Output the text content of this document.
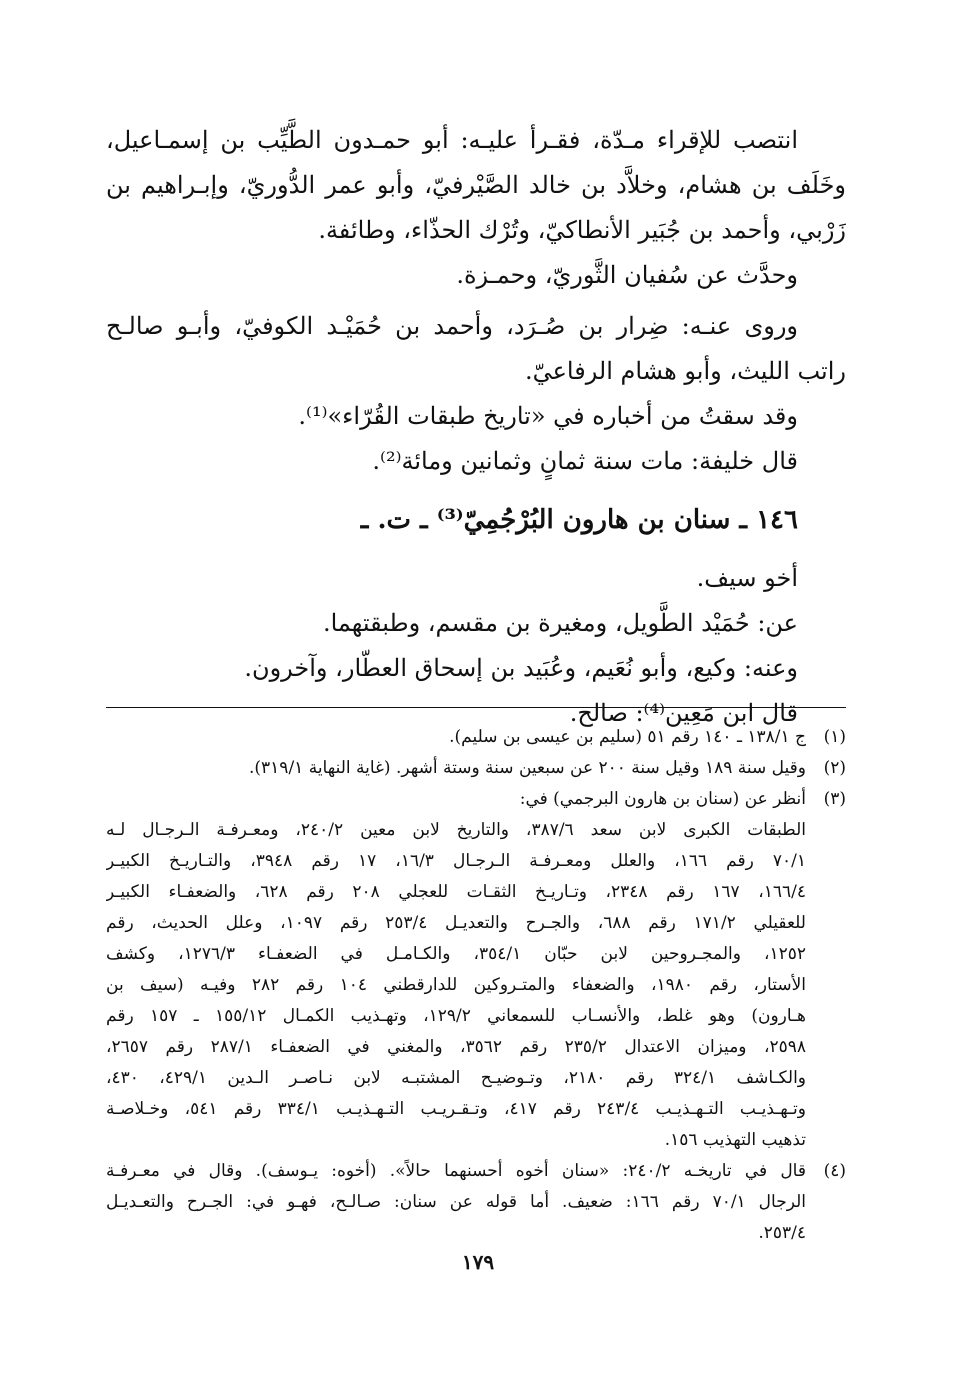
انتصب للإقراء مـدّة، فقـرأ عليـه: أبو حمـدون الطَّيِّب بن إسمـاعيل،
وخَلَف بن هشام، وخلاَّد بن خالد الصَّيْرفيّ، وأبو عمر الدُّوريّ، وإبـراهيم بن
زَرْبي، وأحمد بن جُبَير الأنطاكيّ، وتُرْك الحذّاء، وطائفة.
وحدَّث عن سُفيان الثَّوريّ، وحمـزة.
وروى عنـه: ضِرار بن صُـرَد، وأحمد بن حُمَيْـد الكوفيّ، وأبـو صالـح
راتب الليث، وأبو هشام الرفاعيّ.
وقد سقتُ من أخباره في «تاريخ طبقات القُرّاء»⁽¹⁾.
قال خليفة: مات سنة ثمانٍ وثمانين ومائة⁽²⁾.
١٤٦ ـ سنان بن هارون البُرْجُمِيّ⁽³⁾ ـ ت. ـ
أخو سيف.
عن: حُمَيْد الطَّويل، ومغيرة بن مقسم، وطبقتهما.
وعنه: وكيع، وأبو نُعَيم، وعُبَيد بن إسحاق العطّار، وآخرون.
قال ابن مَعِين⁽⁴⁾: صالح.
(١)
ج ١٣٨/١ ـ ١٤٠ رقم ٥١ (سليم بن عيسى بن سليم).
(٢)
وقيل سنة ١٨٩ وقيل سنة ٢٠٠ عن سبعين سنة وستة أشهر. (غاية النهاية ٣١٩/١).
(٣)
أنظر عن (سنان بن هارون البرجمي) في:
الطبقات الكبرى لابن سعد ٣٨٧/٦، والتاريخ لابن معين ٢٤٠/٢، ومعـرفـة الـرجـال لـه
٧٠/١ رقم ١٦٦، والعلل ومعـرفـة الـرجـال ١٦/٣، ١٧ رقم ٣٩٤٨، والتـاريـخ الكبيـر
١٦٦/٤، ١٦٧ رقم ٢٣٤٨، وتـاريـخ الثقـات للعجلي ٢٠٨ رقم ٦٢٨، والضعفـاء الكبيـر
للعقيلي ١٧١/٢ رقم ٦٨٨، والجـرح والتعديـل ٢٥٣/٤ رقم ١٠٩٧، وعلل الحديث، رقم
١٢٥٢، والمجـروحين لابن حبّان ٣٥٤/١، والكـامـل في الضعفـاء ١٢٧٦/٣، وكشف
الأستار، رقم ١٩٨٠، والضعفاء والمتـروكين للدارقطني ١٠٤ رقم ٢٨٢ وفيـه (سيف بن
هـارون) وهو غلط، والأنسـاب للسمعاني ١٢٩/٢، وتهـذيب الكمـال ١٥٥/١٢ ـ ١٥٧ رقم
٢٥٩٨، وميزان الاعتدال ٢٣٥/٢ رقم ٣٥٦٢، والمغني في الضعفـاء ٢٨٧/١ رقم ٢٦٥٧،
والكـاشف ٣٢٤/١ رقم ٢١٨٠، وتـوضيـح المشتبـه لابن نـاصـر الـدين ٤٢٩/١، ٤٣٠،
وتـهـذيـب التـهـذيـب ٢٤٣/٤ رقم ٤١٧، وتـقـريـب التـهـذيـب ٣٣٤/١ رقم ٥٤١، وخـلاصـة
تذهيب التهذيب ١٥٦.
(٤)
قال في تاريخـه ٢٤٠/٢: «سنان أخوه أحسنهما حالاً». (أخوه: يـوسف). وقال في معـرفـة
الرجال ٧٠/١ رقم ١٦٦: ضعيف. أما قوله عن سنان: صـالـح، فهـو في: الجـرح والتعـديـل
٢٥٣/٤.
١٧٩
